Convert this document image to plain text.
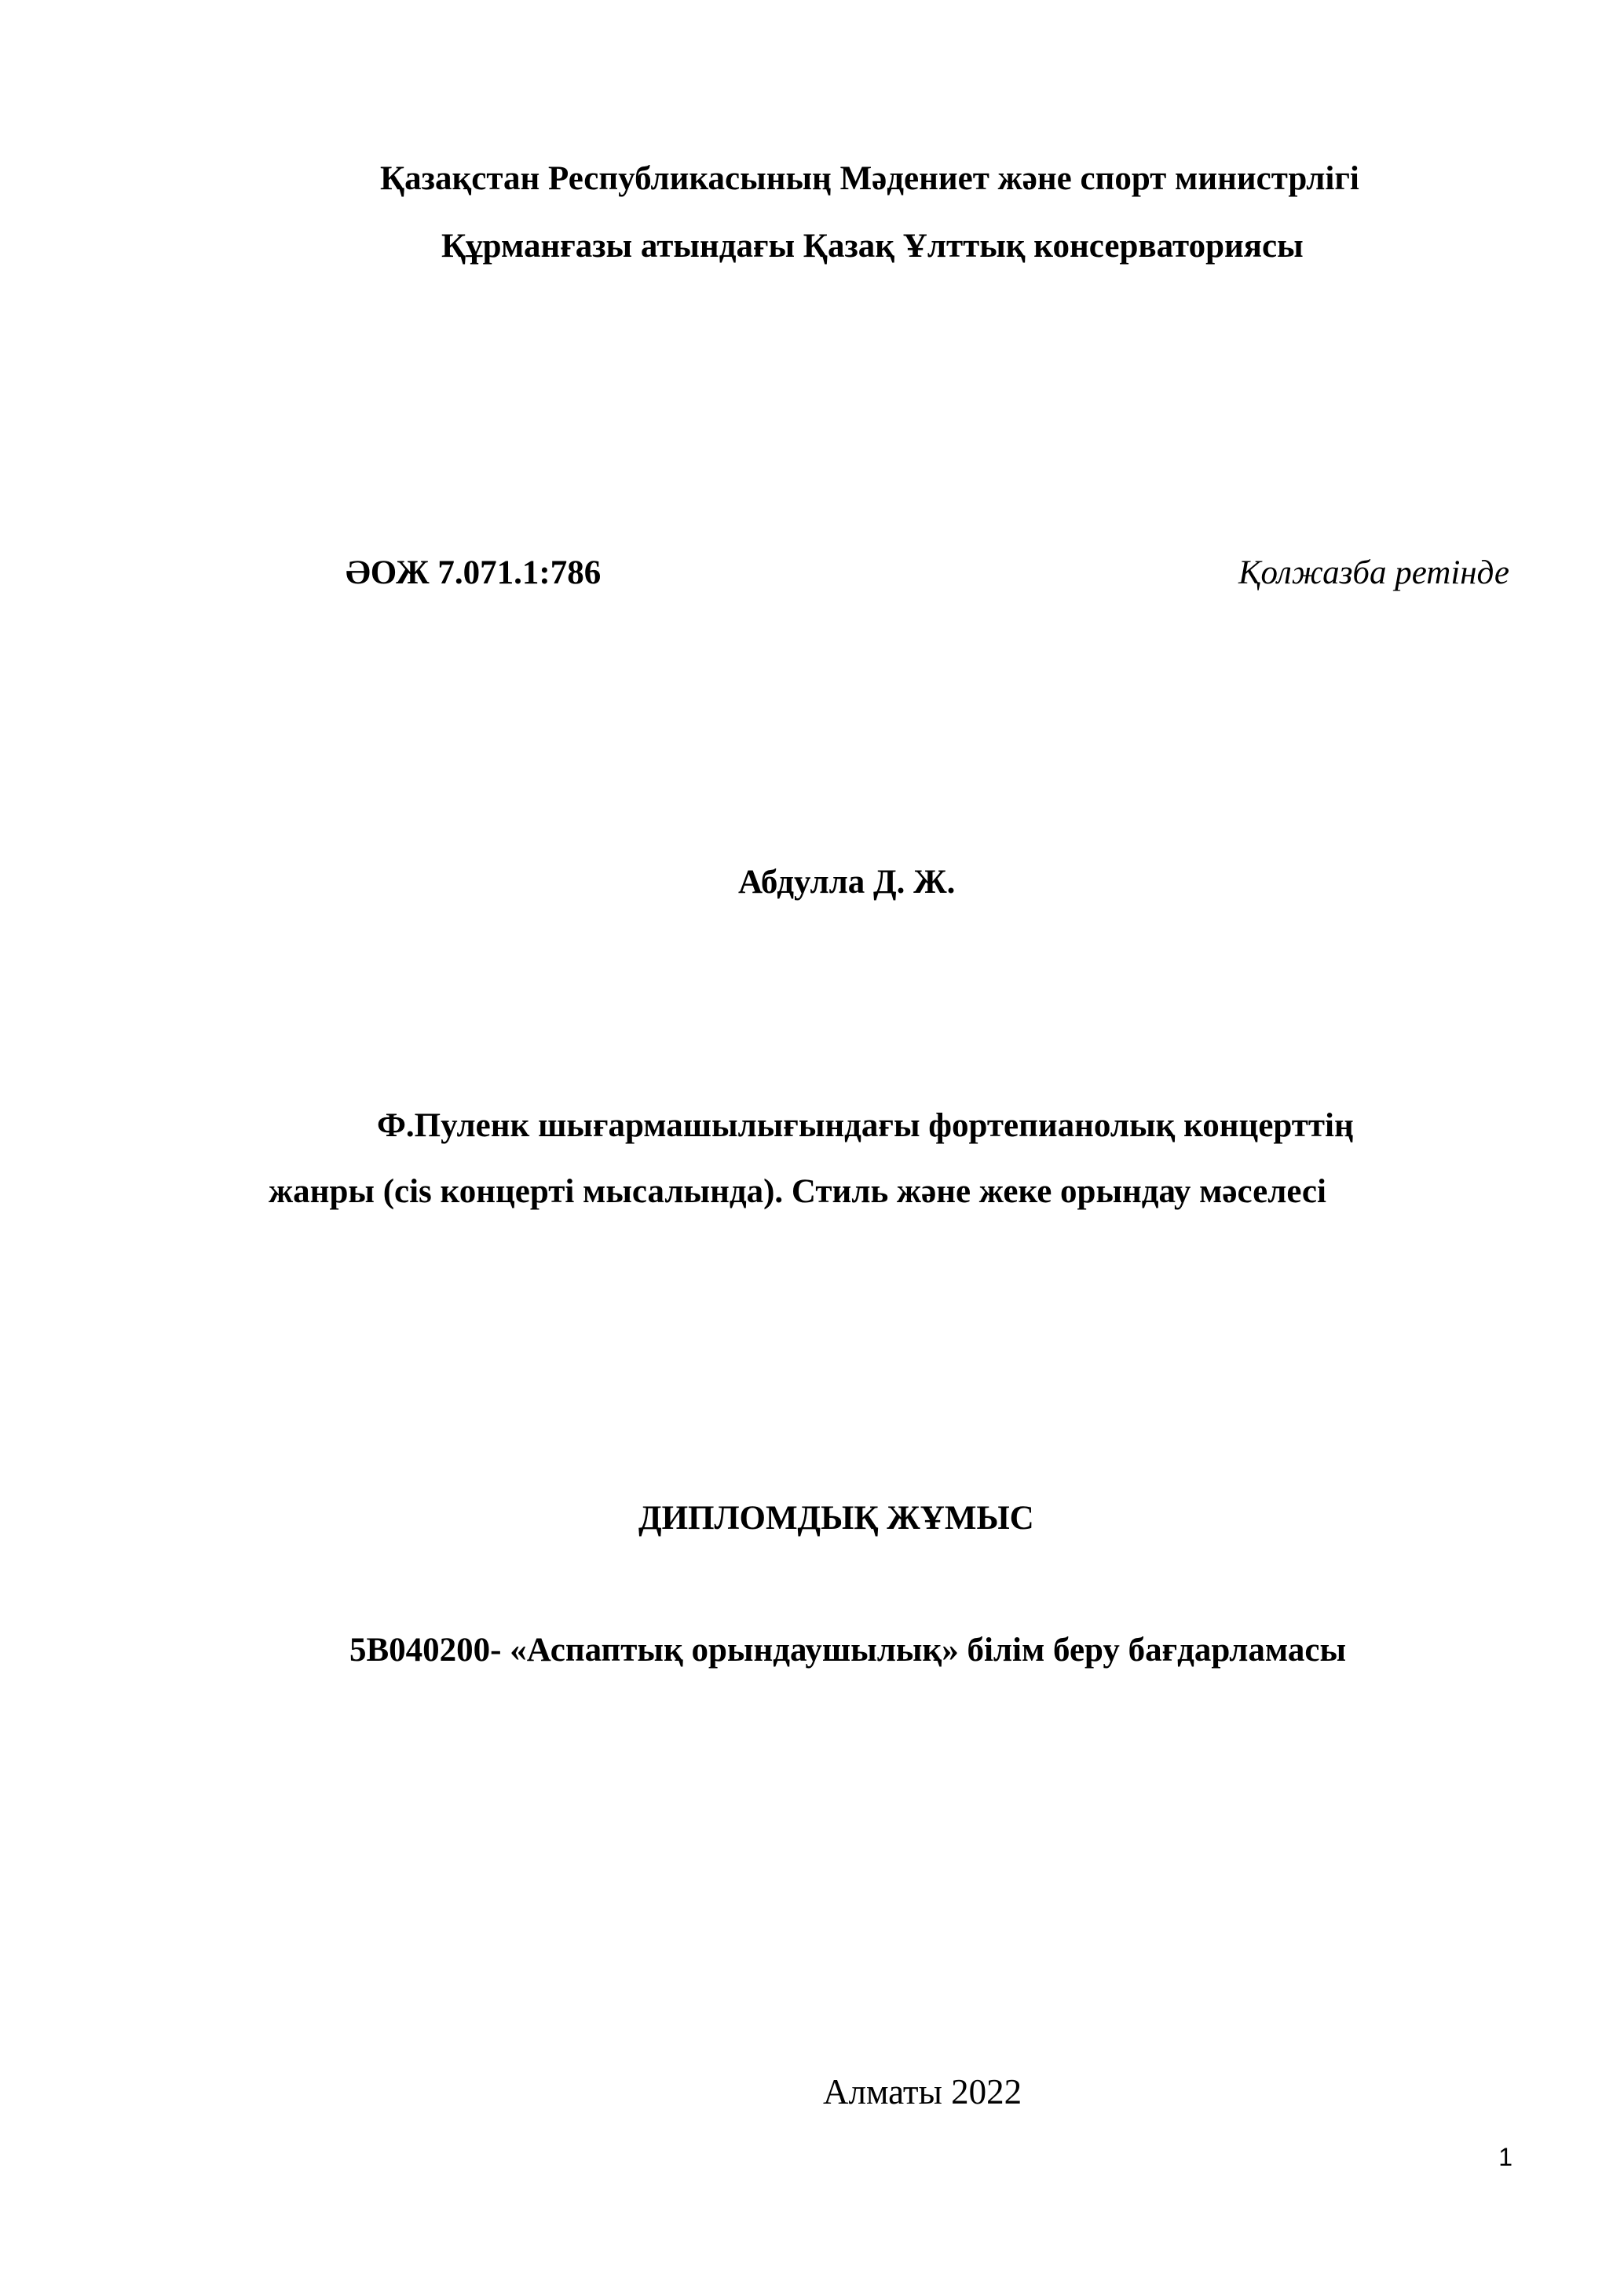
Қазақстан Республикасының Мәдениет және спорт министрлігі
Құрманғазы атындағы Қазақ Ұлттық консерваториясы
ӘОЖ 7.071.1:786	Қолжазба ретінде
Абдулла Д. Ж.
Ф.Пуленк шығармашылығындағы фортепианолық концерттің
жанры (cis концерті мысалында). Стиль және жеке орындау мәселесі
ДИПЛОМДЫҚ ЖҰМЫС
5В040200- «Аспаптық орындаушылық» білім беру бағдарламасы
Алматы 2022
1
